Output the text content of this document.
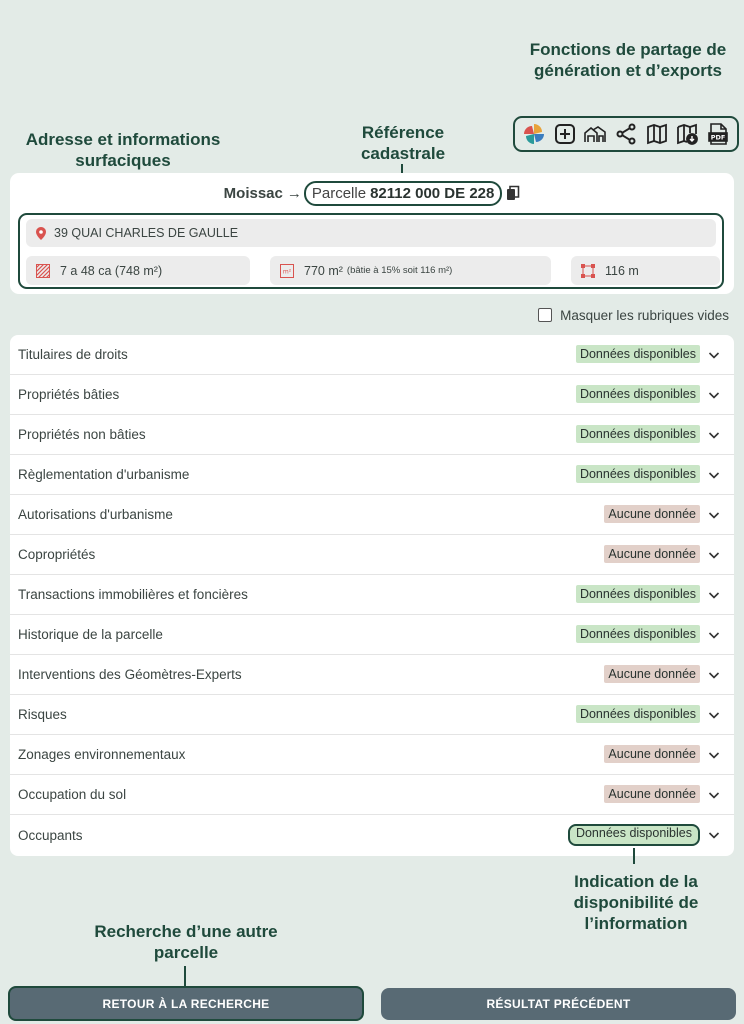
Fonctions de partage de génération et d’exports
Adresse et informations surfaciques
Référence cadastrale
PDF
Moissac → Parcelle 82112 000 DE 228
39 QUAI CHARLES DE GAULLE
7 a 48 ca (748 m²)	m² 770 m² (bâtie à 15% soit 116 m²)	116 m
Masquer les rubriques vides
Titulaires de droits	Données disponibles
Propriétés bâties	Données disponibles
Propriétés non bâties	Données disponibles
Règlementation d'urbanisme	Données disponibles
Autorisations d'urbanisme	Aucune donnée
Copropriétés	Aucune donnée
Transactions immobilières et foncières	Données disponibles
Historique de la parcelle	Données disponibles
Interventions des Géomètres-Experts	Aucune donnée
Risques	Données disponibles
Zonages environnementaux	Aucune donnée
Occupation du sol	Aucune donnée
Occupants	Données disponibles
Indication de la disponibilité de l’information
Recherche d’une autre parcelle
RETOUR À LA RECHERCHE	RÉSULTAT PRÉCÉDENT
